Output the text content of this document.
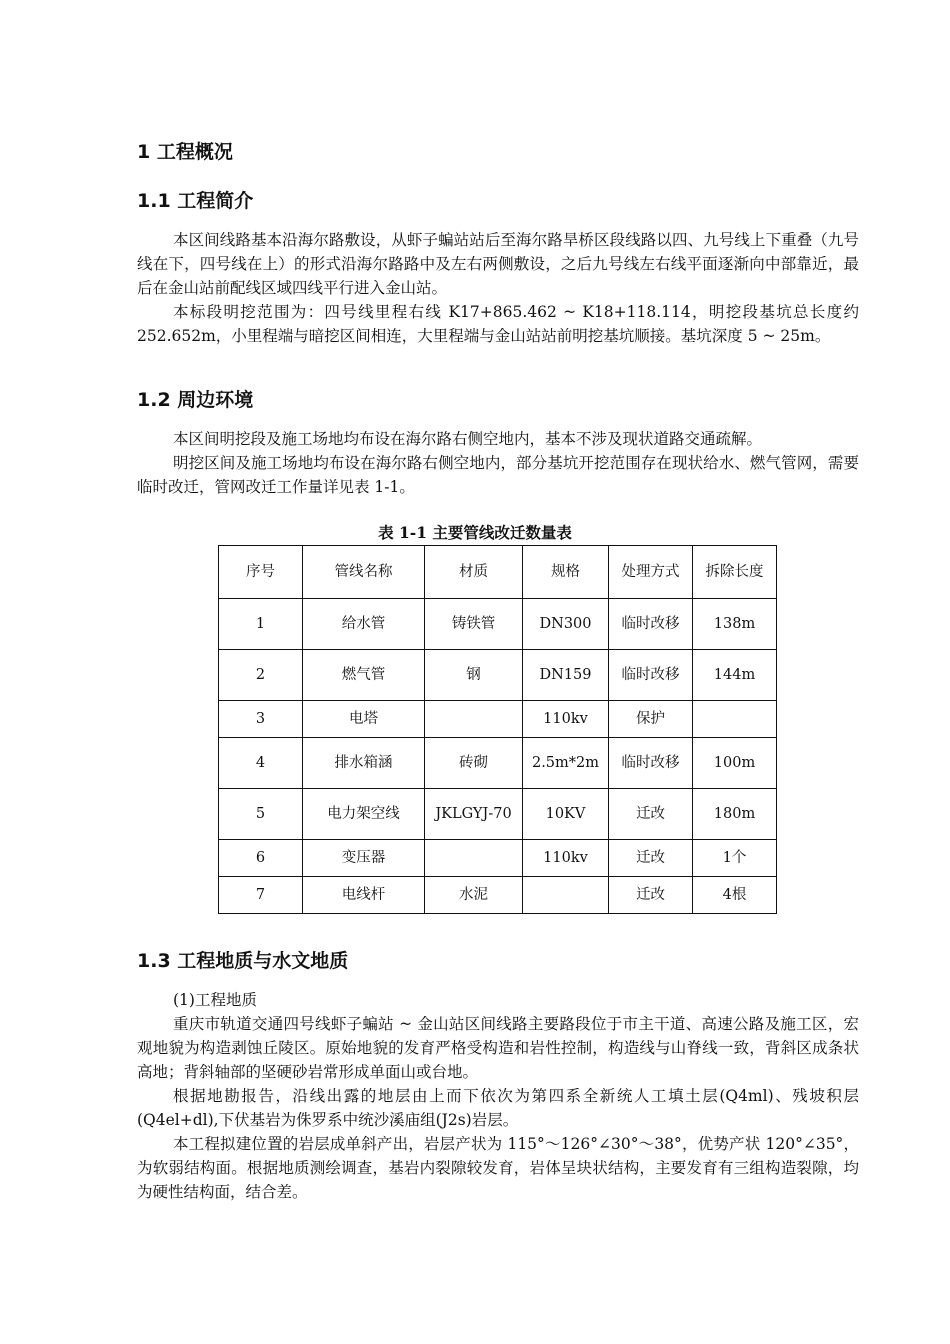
1 工程概况
1.1 工程简介

本区间线路基本沿海尔路敷设，从虾子蝙站站后至海尔路旱桥区段线路以四、九号线上下重叠（九号线在下，四号线在上）的形式沿海尔路路中及左右两侧敷设，之后九号线左右线平面逐渐向中部靠近，最后在金山站前配线区域四线平行进入金山站。

本标段明挖范围为：四号线里程右线 K17+865.462 ~ K18+118.114，明挖段基坑总长度约 252.652m，小里程端与暗挖区间相连，大里程端与金山站站前明挖基坑顺接。基坑深度 5 ~ 25m。

1.2 周边环境

本区间明挖段及施工场地均布设在海尔路右侧空地内，基本不涉及现状道路交通疏解。

明挖区间及施工场地均布设在海尔路右侧空地内，部分基坑开挖范围存在现状给水、燃气管网，需要临时改迁，管网改迁工作量详见表 1-1。

表 1-1 主要管线改迁数量表
序号	管线名称	材质	规格	处理方式	拆除长度
1	给水管	铸铁管	DN300	临时改移	138m
2	燃气管	钢	DN159	临时改移	144m
3	电塔		110kv	保护	
4	排水箱涵	砖砌	2.5m*2m	临时改移	100m
5	电力架空线	JKLGYJ-70	10KV	迁改	180m
6	变压器		110kv	迁改	1个
7	电线杆	水泥		迁改	4根
1.3 工程地质与水文地质

(1)工程地质

重庆市轨道交通四号线虾子蝙站 ~ 金山站区间线路主要路段位于市主干道、高速公路及施工区，宏观地貌为构造剥蚀丘陵区。原始地貌的发育严格受构造和岩性控制，构造线与山脊线一致，背斜区成条状高地；背斜轴部的坚硬砂岩常形成单面山或台地。

根据地勘报告，沿线出露的地层由上而下依次为第四系全新统人工填土层(Q4ml)、残坡积层(Q4el+dl),下伏基岩为侏罗系中统沙溪庙组(J2s)岩层。

本工程拟建位置的岩层成单斜产出，岩层产状为 115°～126°∠30°～38°，优势产状 120°∠35°，为软弱结构面。根据地质测绘调查，基岩内裂隙较发育，岩体呈块状结构，主要发育有三组构造裂隙，均为硬性结构面，结合差。
